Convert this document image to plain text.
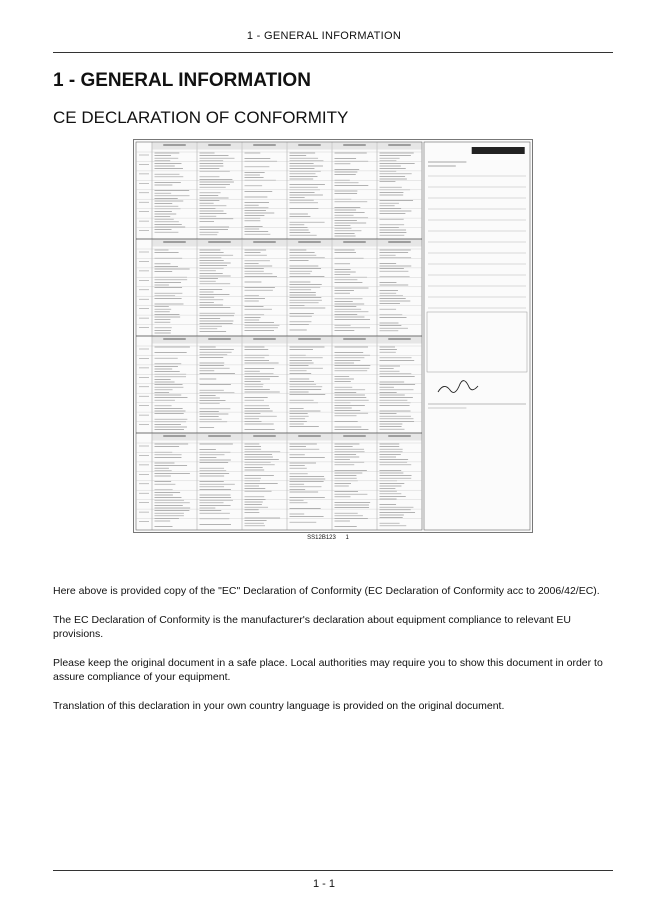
1 - GENERAL INFORMATION
1 - GENERAL INFORMATION
CE DECLARATION OF CONFORMITY
SS12B123 1
Here above is provided copy of the "EC" Declaration of Conformity (EC Declaration of Conformity acc to 2006/42/EC).
The EC Declaration of Conformity is the manufacturer's declaration about equipment compliance to relevant EU provisions.
Please keep the original document in a safe place. Local authorities may require you to show this document in order to assure compliance of your equipment.
Translation of this declaration in your own country language is provided on the original document.
1 - 1
